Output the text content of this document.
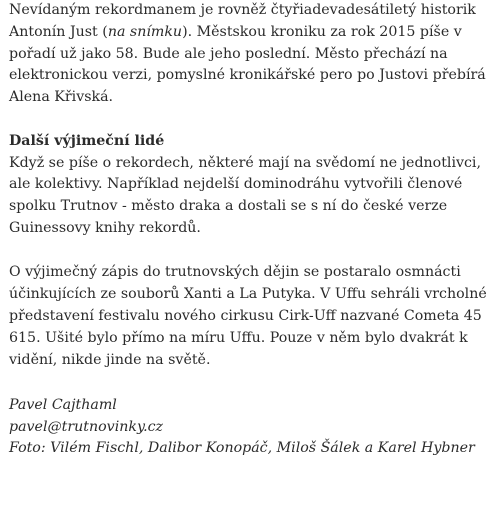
Nevídaným rekordmanem je rovněž čtyřiadevadesátiletý historik Antonín Just (na snímku). Městskou kroniku za rok 2015 píše v pořadí už jako 58. Bude ale jeho poslední. Město přechází na elektronickou verzi, pomyslné kronikářské pero po Justovi přebírá Alena Křivská.

Další výjimeční lidé

Když se píše o rekordech, některé mají na svědomí ne jednotlivci, ale kolektivy. Například nejdelší dominodráhu vytvořili členové spolku Trutnov - město draka a dostali se s ní do české verze Guinessovy knihy rekordů.

O výjimečný zápis do trutnovských dějin se postaralo osmnácti účinkujících ze souborů Xanti a La Putyka. V Uffu sehráli vrcholné představení festivalu nového cirkusu Cirk-Uff nazvané Cometa 45 615. Ušité bylo přímo na míru Uffu. Pouze v něm bylo dvakrát k vidění, nikde jinde na světě.

Pavel Cajthaml

pavel@trutnovinky.cz

Foto: Vilém Fischl, Dalibor Konopáč, Miloš Šálek a Karel Hybner
